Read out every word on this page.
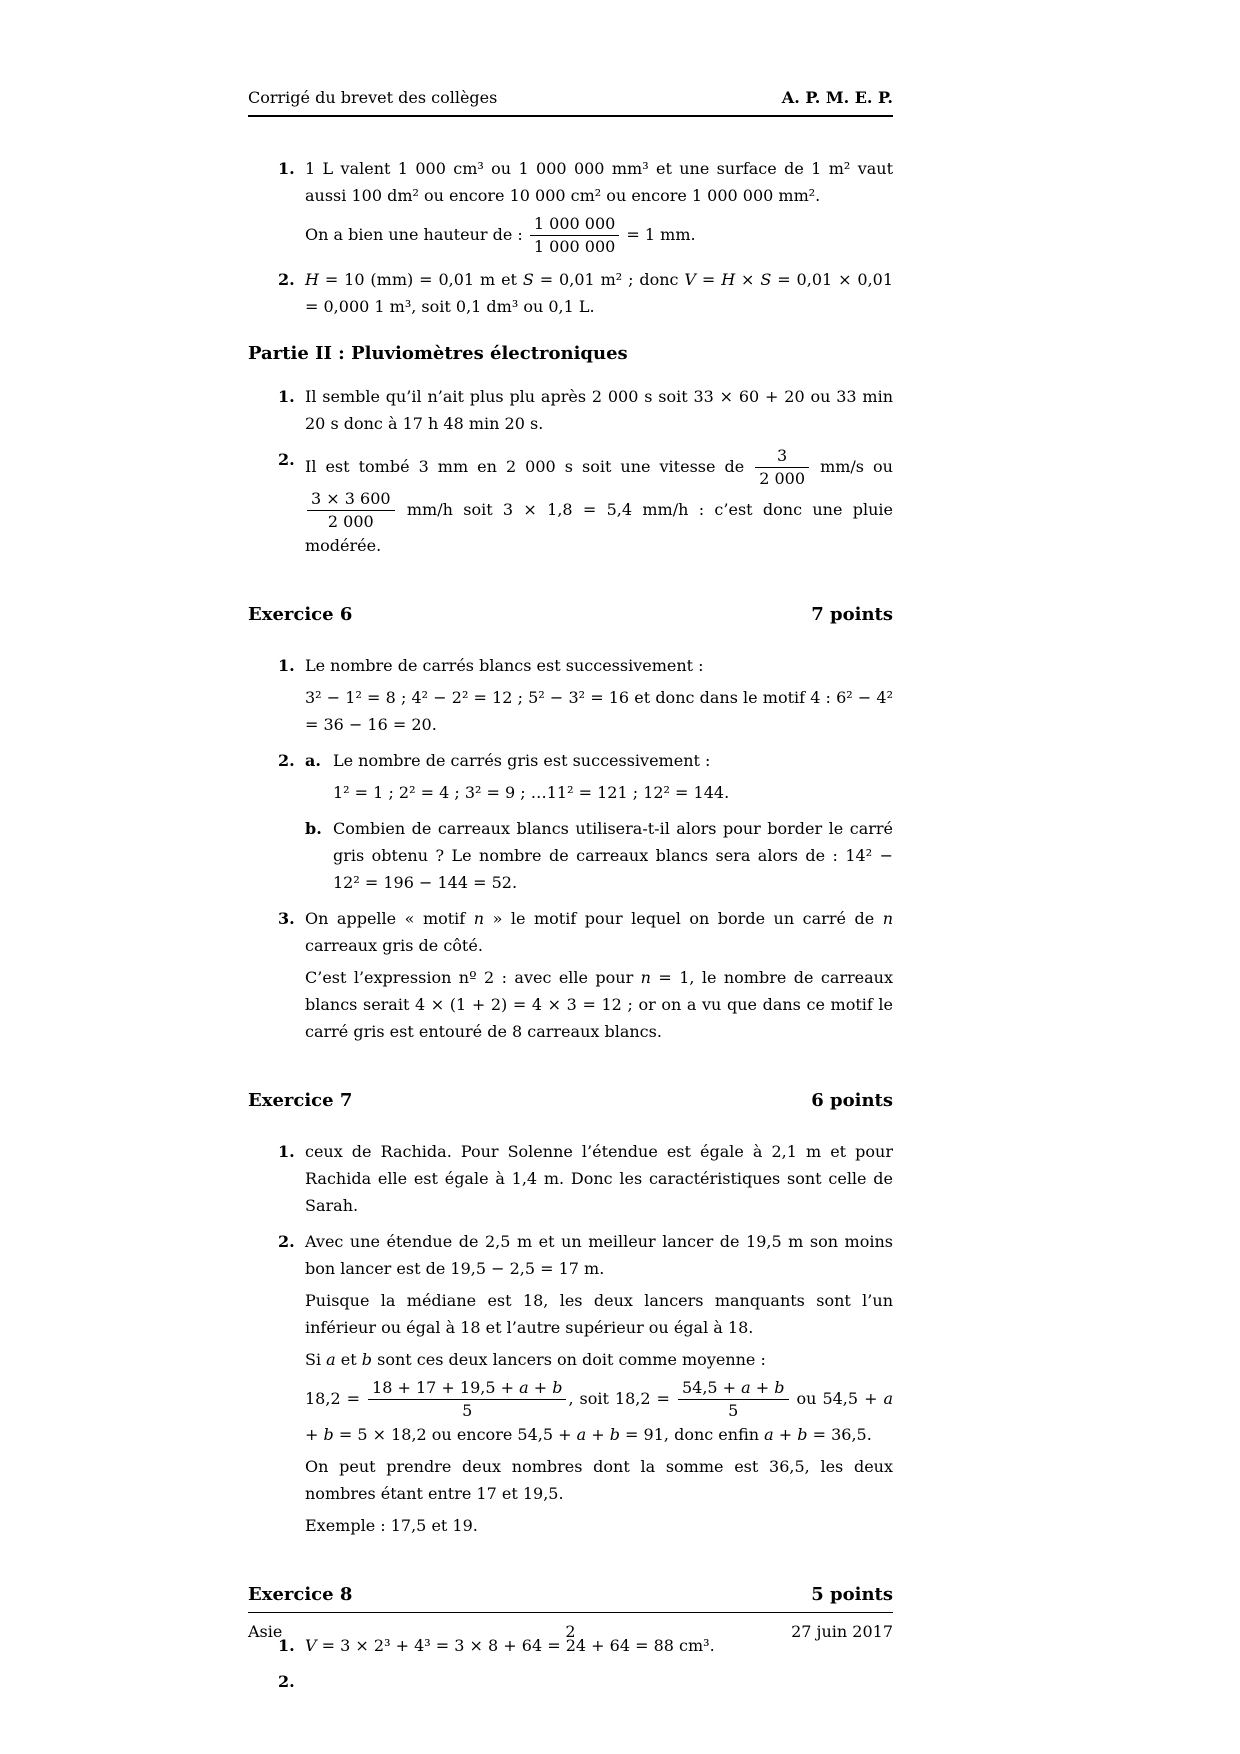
Corrigé du brevet des collèges	A. P. M. E. P.
1. 1 L valent 1 000 cm³ ou 1 000 000 mm³ et une surface de 1 m² vaut aussi 100 dm² ou encore 10 000 cm² ou encore 1 000 000 mm².

On a bien une hauteur de : $\frac{1 000 000}{1 000 000} = 1$ mm.

2. H = 10 (mm) = 0,01 m et S = 0,01 m² ; donc V = H × S = 0,01 × 0,01 = 0,000 1 m³, soit 0,1 dm³ ou 0,1 L.

Partie II : Pluviomètres électroniques
1. Il semble qu’il n’ait plus plu après 2 000 s soit 33 × 60 + 20 ou 33 min 20 s donc à 17 h 48 min 20 s.

2. Il est tombé 3 mm en 2 000 s soit une vitesse de $\frac{3}{2 000} mm/s$ ou
$\frac{3 \times 3 600}{2 000} mm/h$ soit 3 × 1,8 = 5,4 mm/h : c’est donc une pluie modérée.

Exercice 6	7 points
1. Le nombre de carrés blancs est successivement :

3² − 1² = 8 ; 4² − 2² = 12 ; 5² − 3² = 16 et donc dans le motif 4 : 6² − 4² = 36 − 16 = 20.

2. a. Le nombre de carrés gris est successivement :

1² = 1 ; 2² = 4 ; 3² = 9 ; …11² = 121 ; 12² = 144.

b. Combien de carreaux blancs utilisera-t-il alors pour border le carré gris obtenu ? Le nombre de carreaux blancs sera alors de : 14² − 12² = 196 − 144 = 52.

3. On appelle « motif n » le motif pour lequel on borde un carré de n carreaux gris de côté.

C’est l’expression nº 2 : avec elle pour n = 1, le nombre de carreaux blancs serait 4 × (1 + 2) = 4 × 3 = 12 ; or on a vu que dans ce motif le carré gris est entouré de 8 carreaux blancs.

Exercice 7	6 points
1. ceux de Rachida. Pour Solenne l’étendue est égale à 2,1 m et pour Rachida elle est égale à 1,4 m. Donc les caractéristiques sont celle de Sarah.

2. Avec une étendue de 2,5 m et un meilleur lancer de 19,5 m son moins bon lancer est de 19,5 − 2,5 = 17 m.

Puisque la médiane est 18, les deux lancers manquants sont l’un inférieur ou égal à 18 et l’autre supérieur ou égal à 18.

Si a et b sont ces deux lancers on doit comme moyenne :

$18,2 = \frac{18 + 17 + 19,5 + a + b}{5}$ , soit $18,2 = \frac{54,5 + a + b}{5}$ ou 54,5 + a + b = 5 × 18,2 ou encore 54,5 + a + b = 91, donc enfin a + b = 36,5.

On peut prendre deux nombres dont la somme est 36,5, les deux nombres étant entre 17 et 19,5.

Exemple : 17,5 et 19.

Exercice 8	5 points
1. V = 3 × 2³ + 4³ = 3 × 8 + 64 = 24 + 64 = 88 cm³.

2.

Asie	2	27 juin 2017
